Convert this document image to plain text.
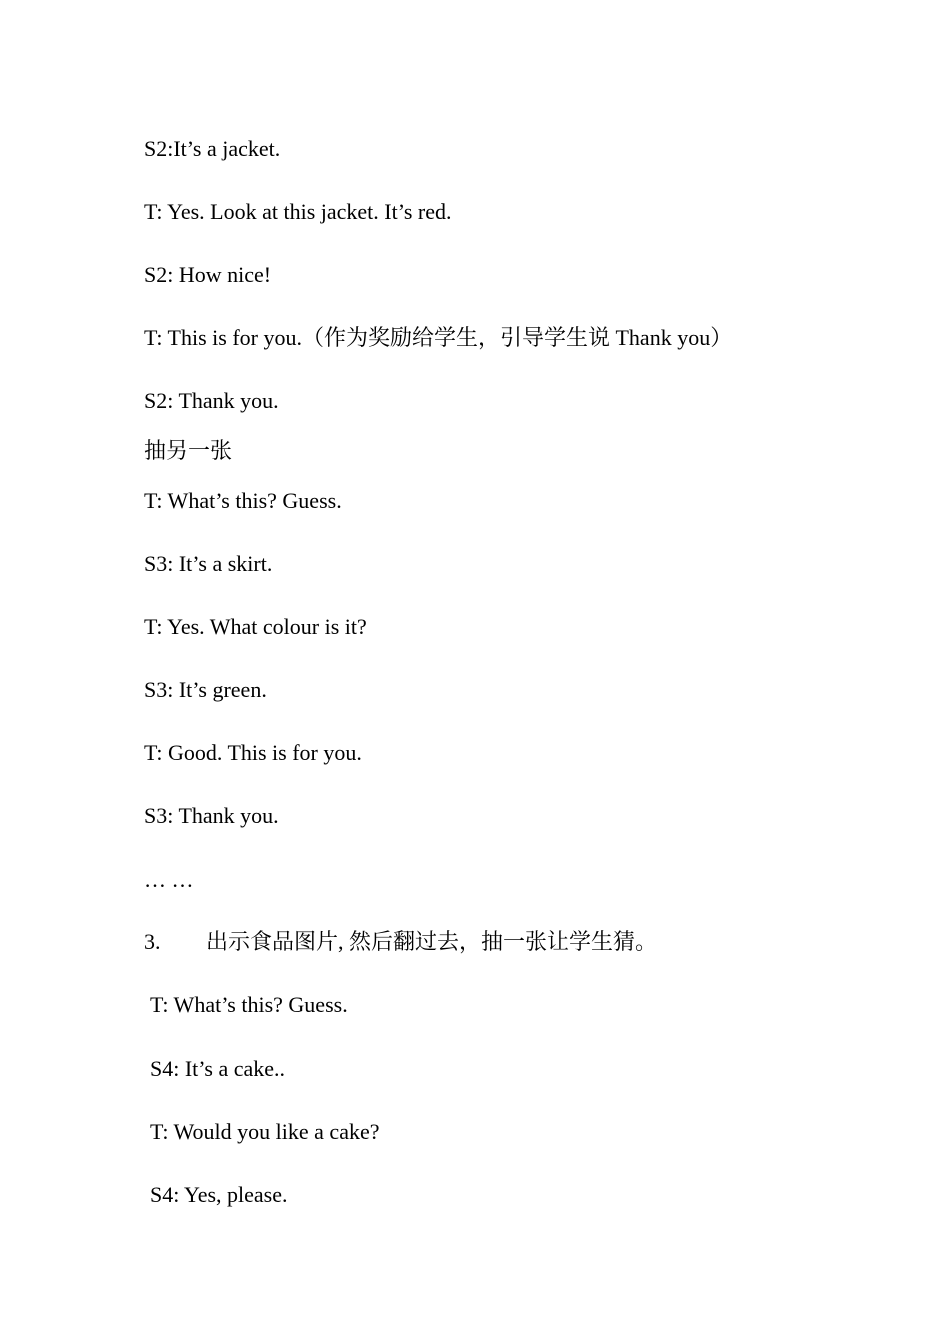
S2:It’s a jacket.
T: Yes. Look at this jacket. It’s red.
S2: How nice!
T: This is for you.（作为奖励给学生，引导学生说 Thank you）
S2: Thank you.
抽另一张
T: What’s this? Guess.
S3: It’s a skirt.
T: Yes. What colour is it?
S3: It’s green.
T: Good. This is for you.
S3: Thank you.
… …
3. 出示食品图片, 然后翻过去，抽一张让学生猜。
T: What’s this? Guess.
S4: It’s a cake..
T: Would you like a cake?
S4: Yes, please.
